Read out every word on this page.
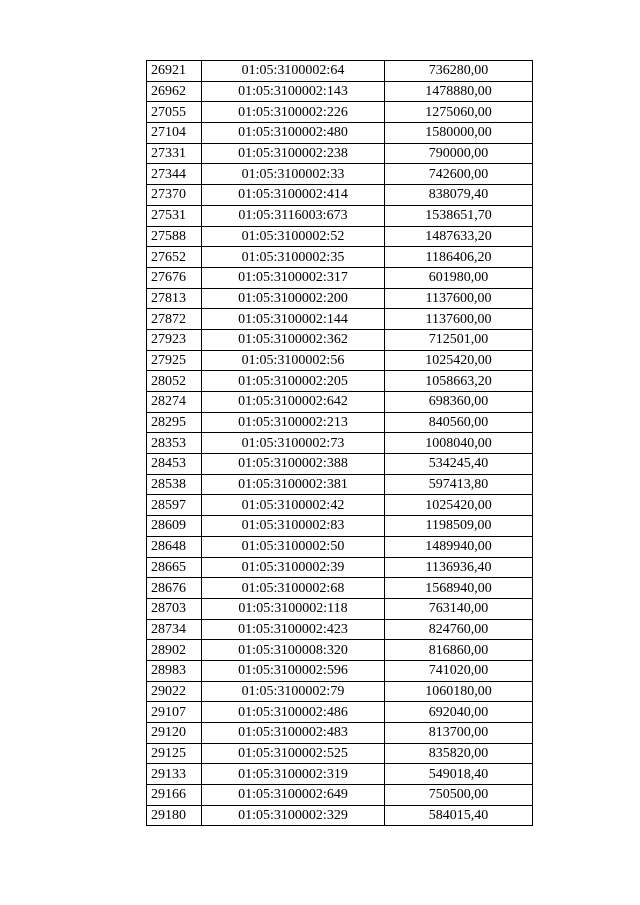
26921	01:05:3100002:64	736280,00
26962	01:05:3100002:143	1478880,00
27055	01:05:3100002:226	1275060,00
27104	01:05:3100002:480	1580000,00
27331	01:05:3100002:238	790000,00
27344	01:05:3100002:33	742600,00
27370	01:05:3100002:414	838079,40
27531	01:05:3116003:673	1538651,70
27588	01:05:3100002:52	1487633,20
27652	01:05:3100002:35	1186406,20
27676	01:05:3100002:317	601980,00
27813	01:05:3100002:200	1137600,00
27872	01:05:3100002:144	1137600,00
27923	01:05:3100002:362	712501,00
27925	01:05:3100002:56	1025420,00
28052	01:05:3100002:205	1058663,20
28274	01:05:3100002:642	698360,00
28295	01:05:3100002:213	840560,00
28353	01:05:3100002:73	1008040,00
28453	01:05:3100002:388	534245,40
28538	01:05:3100002:381	597413,80
28597	01:05:3100002:42	1025420,00
28609	01:05:3100002:83	1198509,00
28648	01:05:3100002:50	1489940,00
28665	01:05:3100002:39	1136936,40
28676	01:05:3100002:68	1568940,00
28703	01:05:3100002:118	763140,00
28734	01:05:3100002:423	824760,00
28902	01:05:3100008:320	816860,00
28983	01:05:3100002:596	741020,00
29022	01:05:3100002:79	1060180,00
29107	01:05:3100002:486	692040,00
29120	01:05:3100002:483	813700,00
29125	01:05:3100002:525	835820,00
29133	01:05:3100002:319	549018,40
29166	01:05:3100002:649	750500,00
29180	01:05:3100002:329	584015,40
